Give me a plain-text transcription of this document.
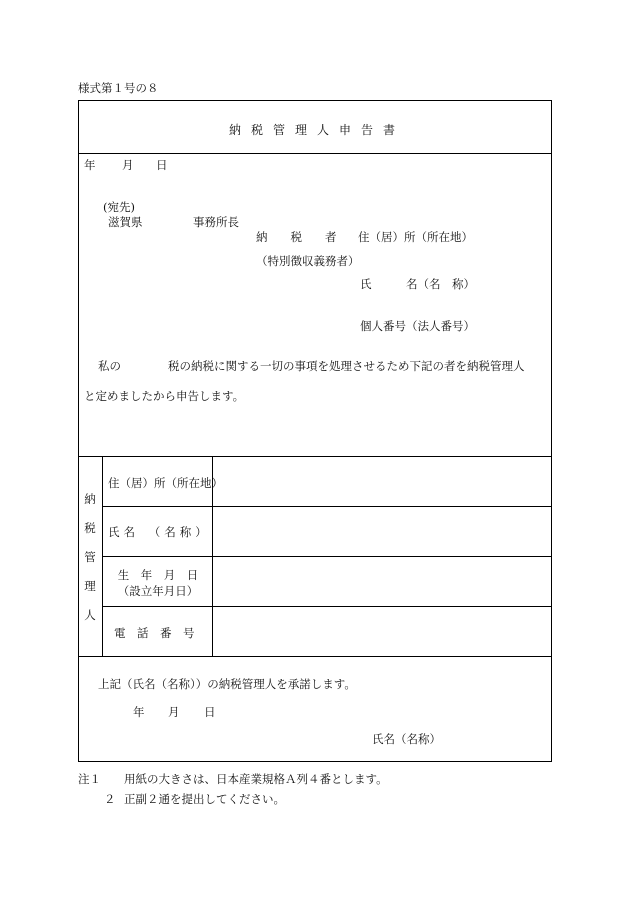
様式第１号の８
納税管理人申告書
年 月 日
(宛先)
滋賀県	事務所長
納　　税　　者 住（居）所（所在地）
（特別徴収義務者）
氏　　　名（名　称）
個人番号（法人番号）
私の	税の納税に関する一切の事項を処理させるため下記の者を納税管理人
と定めましたから申告します。
納
税
管
理
人
住（居）所（所在地）
氏名　（名称）
生　年　月　日
（設立年月日）
電　話　番　号
上記（氏名（名称））の納税管理人を承諾します。
年 月 日
氏名（名称）
注１ 用紙の大きさは、日本産業規格Ａ列４番とします。
２ 正副２通を提出してください。
